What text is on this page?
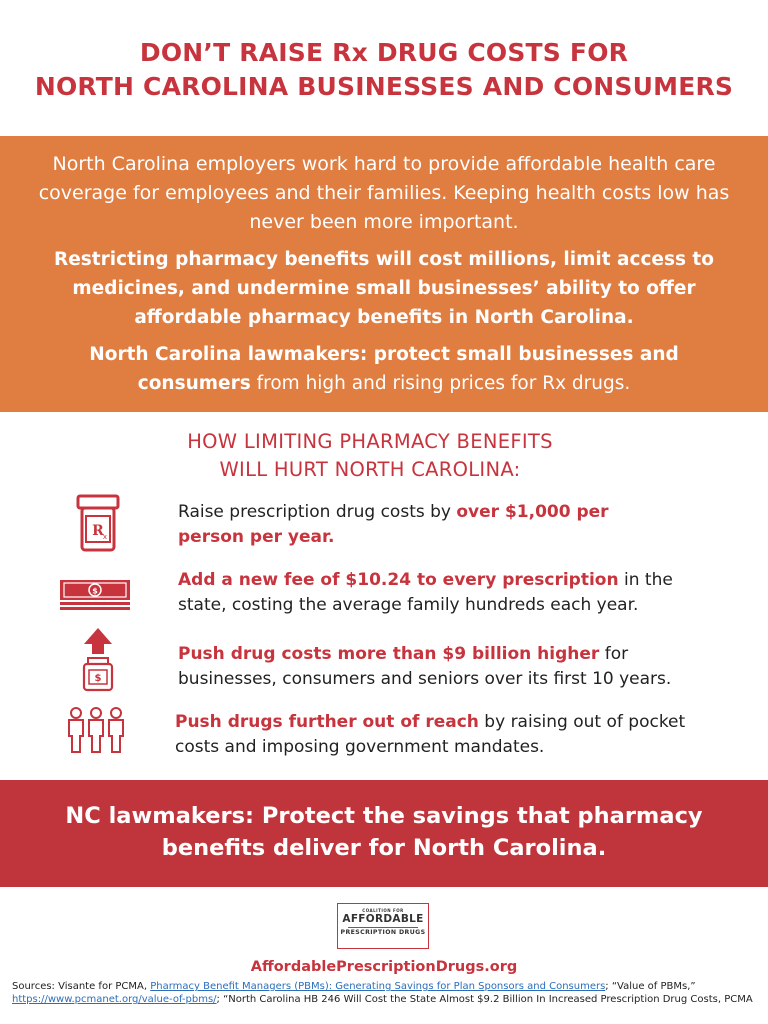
DON’T RAISE Rx DRUG COSTS FOR
NORTH CAROLINA BUSINESSES AND CONSUMERS

North Carolina employers work hard to provide affordable health care coverage for employees and their families. Keeping health costs low has never been more important.

Restricting pharmacy benefits will cost millions, limit access to medicines, and undermine small businesses’ ability to offer affordable pharmacy benefits in North Carolina.

North Carolina lawmakers: protect small businesses and consumers from high and rising prices for Rx drugs.

HOW LIMITING PHARMACY BENEFITS
WILL HURT NORTH CAROLINA:
R x
Raise prescription drug costs by over $1,000 per person per year.
$
Add a new fee of $10.24 to every prescription in the state, costing the average family hundreds each year.
$
Push drug costs more than $9 billion higher for businesses, consumers and seniors over its first 10 years.
Push drugs further out of reach by raising out of pocket costs and imposing government mandates.
NC lawmakers: Protect the savings that pharmacy
benefits deliver for North Carolina.
COALITION FOR
AFFORDABLE
PRESCRIPTION DRUGS
AffordablePrescriptionDrugs.org
Sources: Visante for PCMA, Pharmacy Benefit Managers (PBMs): Generating Savings for Plan Sponsors and Consumers; “Value of PBMs,” https://www.pcmanet.org/value-of-pbms/; “North Carolina HB 246 Will Cost the State Almost $9.2 Billion In Increased Prescription Drug Costs, PCMA
